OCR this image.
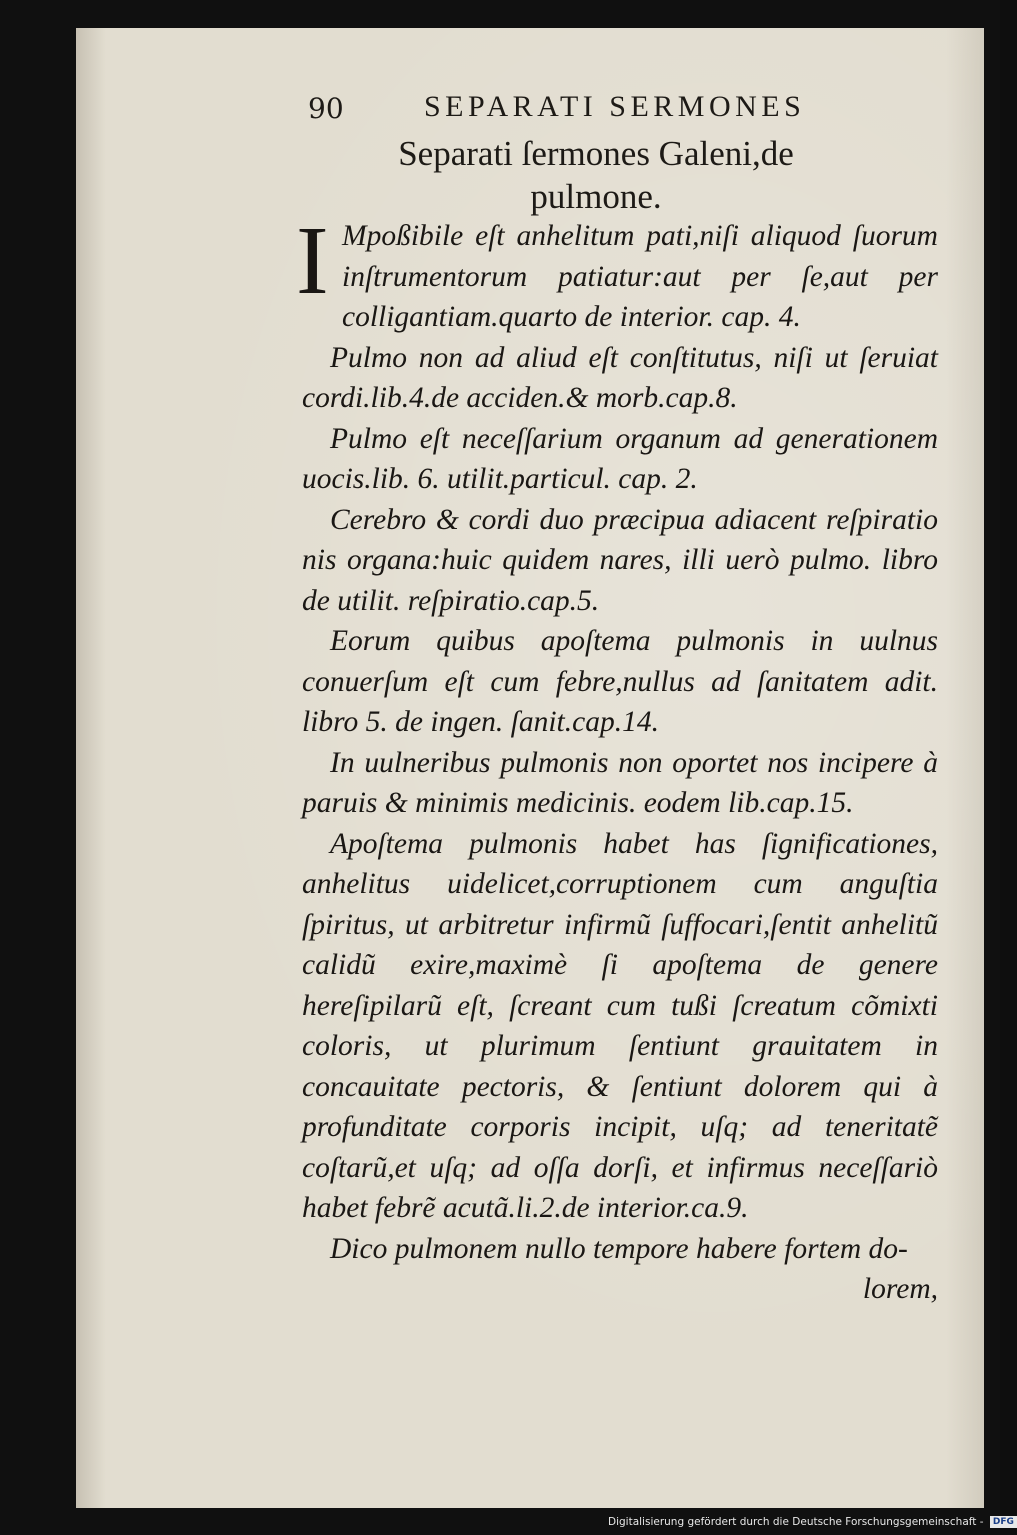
90	SEPARATI SERMONES
Separati ſermones Galeni,de
pulmone.

I Mpoßibile eſt anhelitum pati,niſi aliquod ſuorum inſtrumentorum patiatur:aut per ſe,aut per colligantiam.quarto de interior. cap. 4.

Pulmo non ad aliud eſt conſtitutus, niſi ut ſeruiat cordi.lib.4.de acciden.& morb.cap.8.

Pulmo eſt neceſſarium organum ad generationem uocis.lib. 6. utilit.particul. cap. 2.

Cerebro & cordi duo præcipua adiacent reſpiratio nis organa:huic quidem nares, illi uerò pulmo. libro de utilit. reſpiratio.cap.5.

Eorum quibus apoſtema pulmonis in uulnus conuerſum eſt cum febre,nullus ad ſanitatem adit. libro 5. de ingen. ſanit.cap.14.

In uulneribus pulmonis non oportet nos incipere à paruis & minimis medicinis. eodem lib.cap.15.

Apoſtema pulmonis habet has ſignificationes, anhelitus uidelicet,corruptionem cum anguſtia ſpiritus, ut arbitretur infirmũ ſuffocari,ſentit anhelitũ calidũ exire,maximè ſi apoſtema de genere hereſipilarũ eſt, ſcreant cum tußi ſcreatum cõmixti coloris, ut plurimum ſentiunt grauitatem in concauitate pectoris, & ſentiunt dolorem qui à profunditate corporis incipit, uſq; ad teneritatẽ coſtarũ,et uſq; ad oſſa dorſi, et infirmus neceſſariò habet febrẽ acutã.li.2.de interior.ca.9.

Dico pulmonem nullo tempore habere fortem do-

lorem,

Digitalisierung gefördert durch die Deutsche Forschungsgemeinschaft - DFG
